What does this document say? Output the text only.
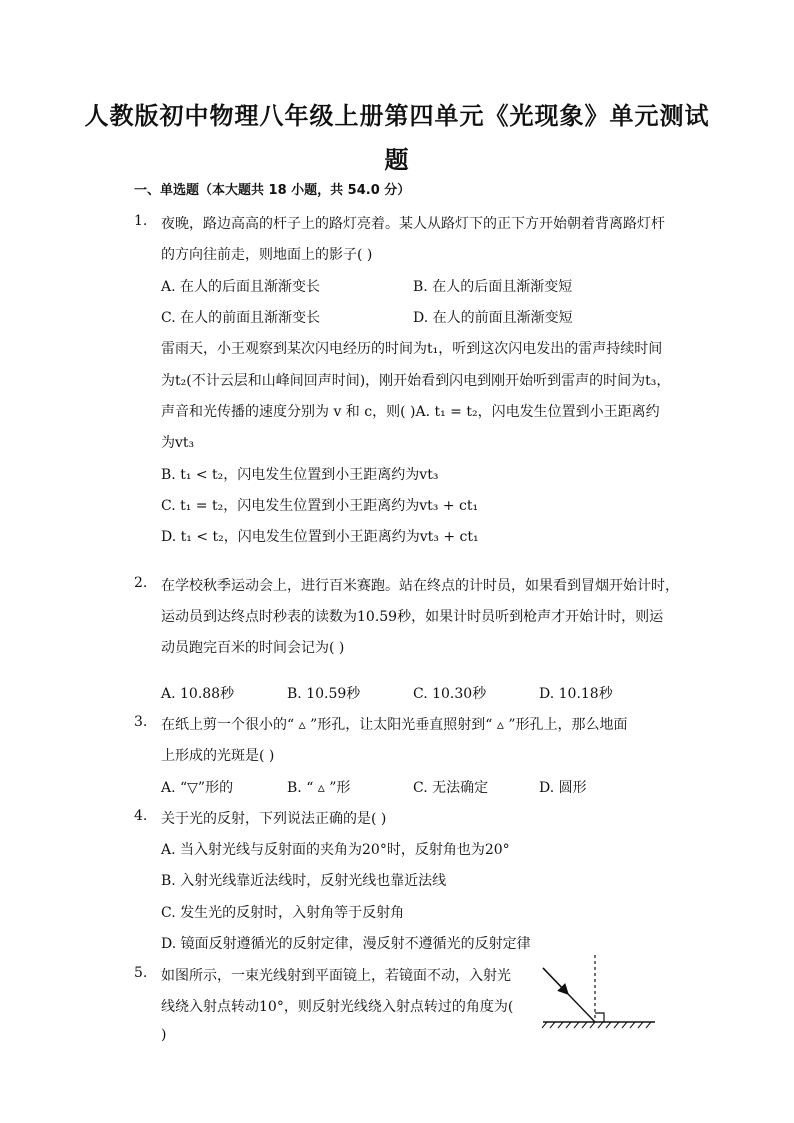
人教版初中物理八年级上册第四单元《光现象》单元测试
题
一、单选题（本大题共 18 小题，共 54.0 分）
1. 夜晚，路边高高的杆子上的路灯亮着。某人从路灯下的正下方开始朝着背离路灯杆
的方向往前走，则地面上的影子( )
A. 在人的后面且渐渐变长	B. 在人的后面且渐渐变短
C. 在人的前面且渐渐变长	D. 在人的前面且渐渐变短
雷雨天，小王观察到某次闪电经历的时间为t₁，听到这次闪电发出的雷声持续时间
为t₂(不计云层和山峰间回声时间)，刚开始看到闪电到刚开始听到雷声的时间为t₃，
声音和光传播的速度分别为 v 和 c，则( )A. t₁ = t₂，闪电发生位置到小王距离约
为vt₃
B. t₁ < t₂，闪电发生位置到小王距离约为vt₃
C. t₁ = t₂，闪电发生位置到小王距离约为vt₃ + ct₁
D. t₁ < t₂，闪电发生位置到小王距离约为vt₃ + ct₁
2. 在学校秋季运动会上，进行百米赛跑。站在终点的计时员，如果看到冒烟开始计时，
运动员到达终点时秒表的读数为10.59秒，如果计时员听到枪声才开始计时，则运
动员跑完百米的时间会记为( )
A. 10.88秒	B. 10.59秒	C. 10.30秒	D. 10.18秒
3. 在纸上剪一个很小的“ ▵ ”形孔，让太阳光垂直照射到“ ▵ ”形孔上，那么地面
上形成的光斑是( )
A. “▽”形的	B. “ ▵ ”形	C. 无法确定	D. 圆形
4. 关于光的反射，下列说法正确的是( )
A. 当入射光线与反射面的夹角为20°时，反射角也为20°
B. 入射光线靠近法线时，反射光线也靠近法线
C. 发生光的反射时，入射角等于反射角
D. 镜面反射遵循光的反射定律，漫反射不遵循光的反射定律
5. 如图所示，一束光线射到平面镜上，若镜面不动，入射光
线绕入射点转动10°，则反射光线绕入射点转过的角度为(
)
